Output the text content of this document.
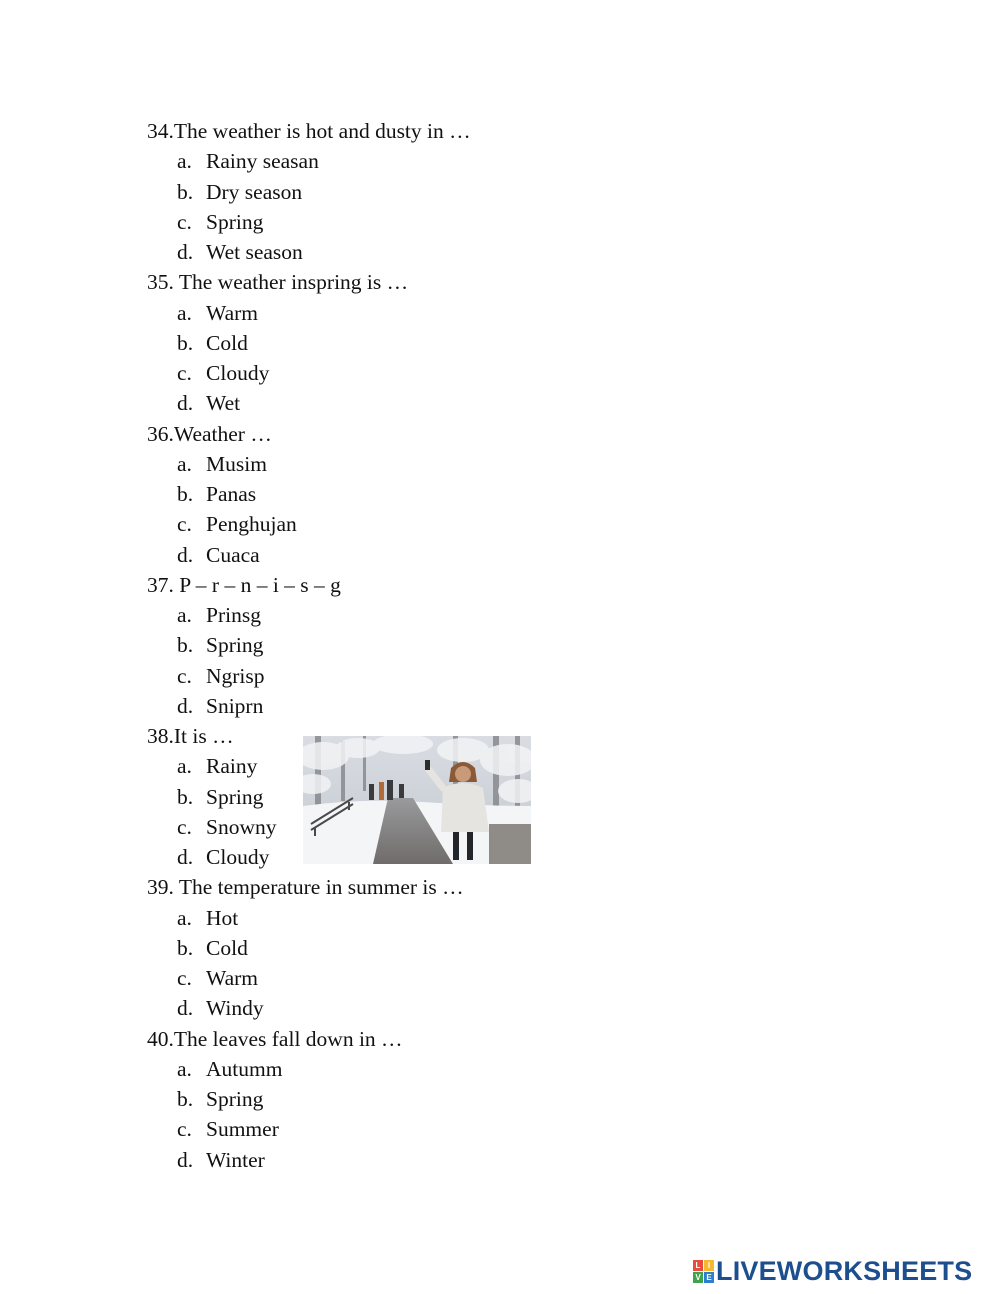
34.The weather is hot and dusty in …
a. Rainy seasan
b. Dry season
c. Spring
d. Wet season
35. The weather inspring is …
a. Warm
b. Cold
c. Cloudy
d. Wet
36.Weather …
a. Musim
b. Panas
c. Penghujan
d. Cuaca
37. P – r – n – i – s – g
a. Prinsg
b. Spring
c. Ngrisp
d. Sniprn
38.It is …
a. Rainy
b. Spring
c. Snowny
d. Cloudy
39. The temperature in summer is …
a. Hot
b. Cold
c. Warm
d. Windy
40.The leaves fall down in …
a. Autumm
b. Spring
c. Summer
d. Winter
L I
V E LIVEWORKSHEETS
